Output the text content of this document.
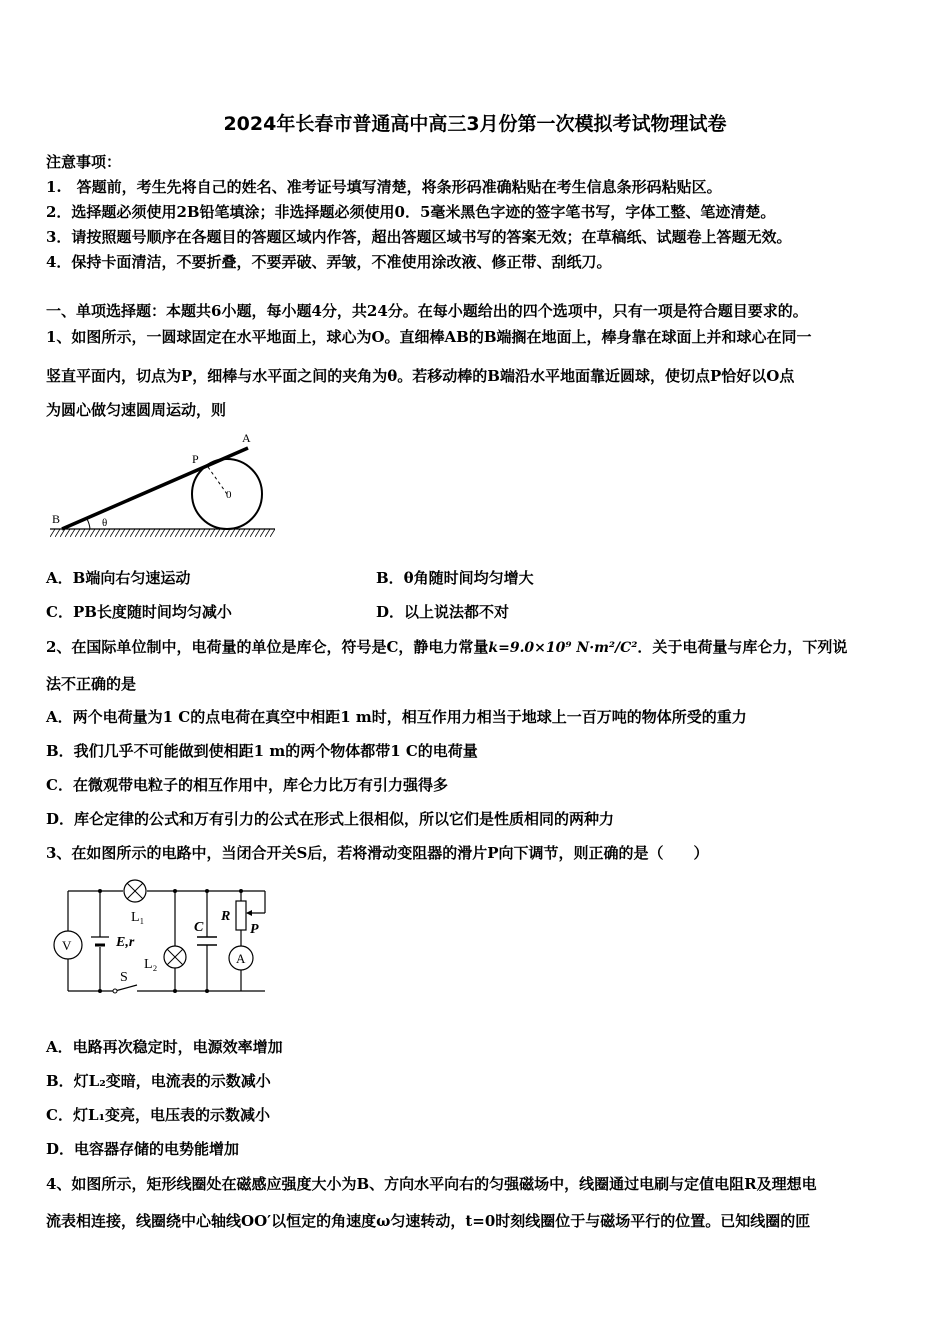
2024年长春市普通高中高三3月份第一次模拟考试物理试卷
注意事项：
1.　答题前，考生先将自己的姓名、准考证号填写清楚，将条形码准确粘贴在考生信息条形码粘贴区。
2．选择题必须使用2B铅笔填涂；非选择题必须使用0．5毫米黑色字迹的签字笔书写，字体工整、笔迹清楚。
3．请按照题号顺序在各题目的答题区域内作答，超出答题区域书写的答案无效；在草稿纸、试题卷上答题无效。
4．保持卡面清洁，不要折叠，不要弄破、弄皱，不准使用涂改液、修正带、刮纸刀。
一、单项选择题：本题共6小题，每小题4分，共24分。在每小题给出的四个选项中，只有一项是符合题目要求的。
1、如图所示，一圆球固定在水平地面上，球心为O。直细棒AB的B端搁在地面上，棒身靠在球面上并和球心在同一
竖直平面内，切点为P，细棒与水平面之间的夹角为θ。若移动棒的B端沿水平地面靠近圆球，使切点P恰好以O点
为圆心做匀速圆周运动，则
A
P
0
B	θ
A．B端向右匀速运动	B．θ角随时间均匀增大
C．PB长度随时间均匀减小	D．以上说法都不对
2、在国际单位制中，电荷量的单位是库仑，符号是C，静电力常量k=9.0×10⁹ N·m²/C²．关于电荷量与库仑力，下列说
法不正确的是
A．两个电荷量为1 C的点电荷在真空中相距1 m时，相互作用力相当于地球上一百万吨的物体所受的重力
B．我们几乎不可能做到使相距1 m的两个物体都带1 C的电荷量
C．在微观带电粒子的相互作用中，库仑力比万有引力强得多
D．库仑定律的公式和万有引力的公式在形式上很相似，所以它们是性质相同的两种力
3、在如图所示的电路中，当闭合开关S后，若将滑动变阻器的滑片P向下调节，则正确的是（　　）
V	E,r
L₁
L₂
S
C
R
P
A
A．电路再次稳定时，电源效率增加
B．灯L₂变暗，电流表的示数减小
C．灯L₁变亮，电压表的示数减小
D．电容器存储的电势能增加
4、如图所示，矩形线圈处在磁感应强度大小为B、方向水平向右的匀强磁场中，线圈通过电刷与定值电阻R及理想电
流表相连接，线圈绕中心轴线OO′以恒定的角速度ω匀速转动，t=0时刻线圈位于与磁场平行的位置。已知线圈的匝
